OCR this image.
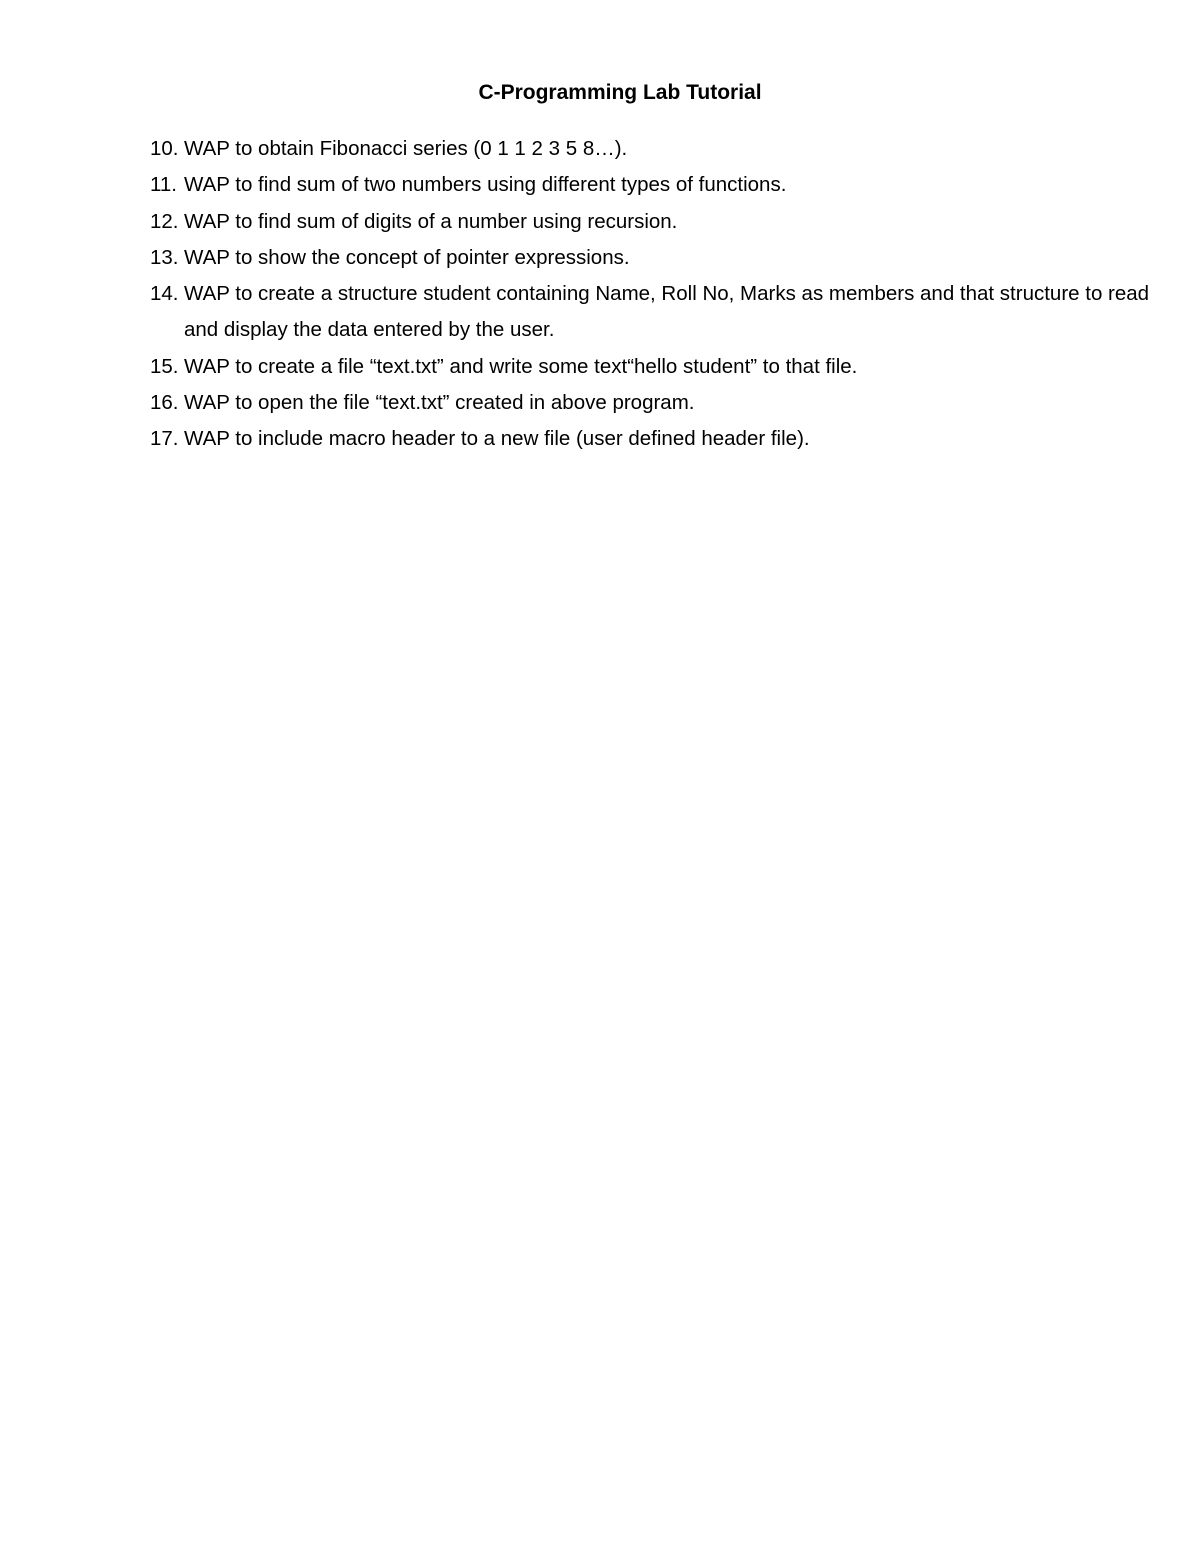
C-Programming Lab Tutorial
10. WAP to obtain Fibonacci series (0 1 1 2 3 5 8…).
11. WAP to find sum of two numbers using different types of functions.
12. WAP to find sum of digits of a number using recursion.
13. WAP to show the concept of pointer expressions.
14. WAP to create a structure student containing Name, Roll No, Marks as members and that structure to read and display the data entered by the user.
15. WAP to create a file “text.txt” and write some text“hello student” to that file.
16. WAP to open the file “text.txt” created in above program.
17. WAP to include macro header to a new file (user defined header file).
